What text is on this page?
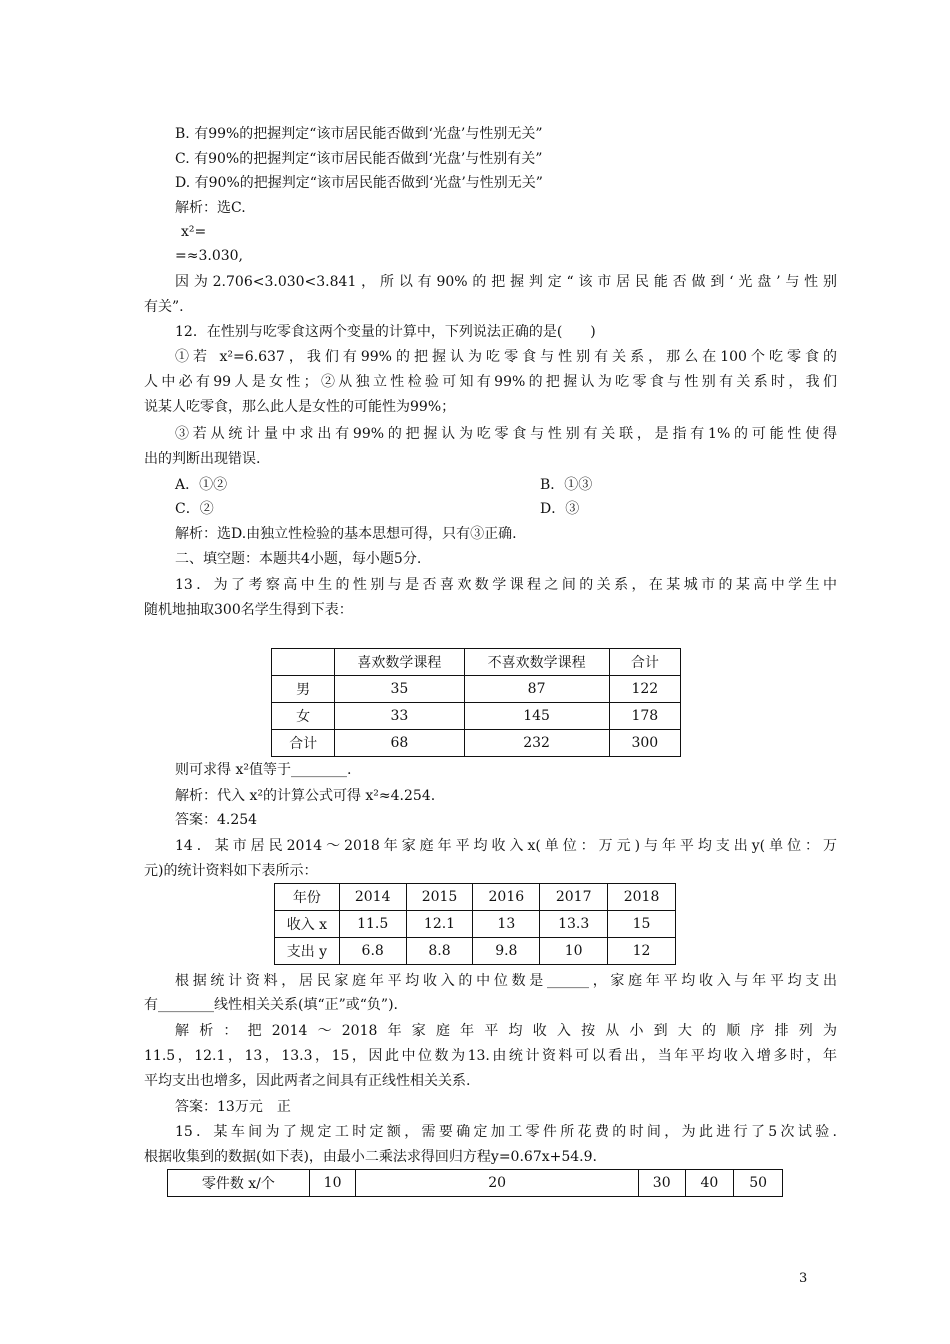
B. 有99%的把握判定“该市居民能否做到‘光盘’与性别无关”
C. 有90%的把握判定“该市居民能否做到‘光盘’与性别有关”
D. 有90%的把握判定“该市居民能否做到‘光盘’与性别无关”
解析：选C.
x²=
=≈3.030,
因为2.706<3.030<3.841，所以有90%的把握判定“该市居民能否做到‘光盘’与性别
有关”.
12．在性别与吃零食这两个变量的计算中，下列说法正确的是(　　)
①若 x²=6.637，我们有99%的把握认为吃零食与性别有关系，那么在100个吃零食的
人中必有99人是女性；②从独立性检验可知有99%的把握认为吃零食与性别有关系时，我们
说某人吃零食，那么此人是女性的可能性为99%；
③若从统计量中求出有99%的把握认为吃零食与性别有关联，是指有1%的可能性使得
出的判断出现错误.
A．①②	B．①③
C．②	D．③
解析：选D.由独立性检验的基本思想可得，只有③正确.
二、填空题：本题共4小题，每小题5分.
13．为了考察高中生的性别与是否喜欢数学课程之间的关系，在某城市的某高中学生中
随机地抽取300名学生得到下表：
	喜欢数学课程	不喜欢数学课程	合计
男	35	87	122
女	33	145	178
合计	68	232	300
则可求得 x²值等于________.
解析：代入 x²的计算公式可得 x²≈4.254.
答案：4.254
14．某市居民2014～2018年家庭年平均收入x(单位：万元)与年平均支出y(单位：万
元)的统计资料如下表所示：
年份	2014	2015	2016	2017	2018
收入 x	11.5	12.1	13	13.3	15
支出 y	6.8	8.8	9.8	10	12
根据统计资料，居民家庭年平均收入的中位数是______，家庭年平均收入与年平均支出
有________线性相关关系(填“正”或“负”).
解析：把2014～2018年家庭年平均收入按从小到大的顺序排列为
11.5，12.1，13，13.3，15，因此中位数为13.由统计资料可以看出，当年平均收入增多时，年
平均支出也增多，因此两者之间具有正线性相关关系.
答案：13万元　正
15．某车间为了规定工时定额，需要确定加工零件所花费的时间，为此进行了5次试验.
根据收集到的数据(如下表)，由最小二乘法求得回归方程y=0.67x+54.9.
零件数 x/个	10	20	30	40	50
3
